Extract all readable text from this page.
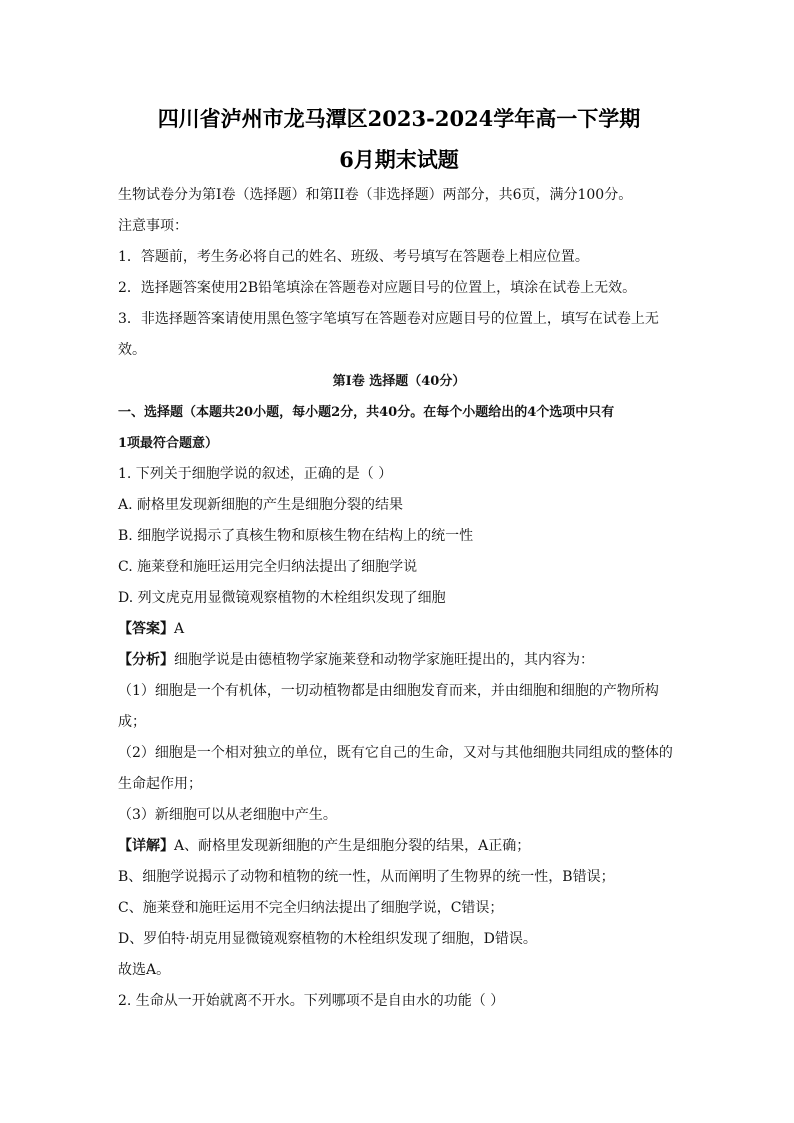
四川省泸州市龙马潭区2023-2024学年高一下学期
6月期末试题

生物试卷分为第I卷（选择题）和第II卷（非选择题）两部分，共6页，满分100分。

注意事项：

1．答题前，考生务必将自己的姓名、班级、考号填写在答题卷上相应位置。

2．选择题答案使用2B铅笔填涂在答题卷对应题目号的位置上，填涂在试卷上无效。

3．非选择题答案请使用黑色签字笔填写在答题卷对应题目号的位置上，填写在试卷上无

效。

第I卷 选择题（40分）

一、选择题（本题共20小题，每小题2分，共40分。在每个小题给出的4个选项中只有

1项最符合题意）

1. 下列关于细胞学说的叙述，正确的是（ ）

A. 耐格里发现新细胞的产生是细胞分裂的结果

B. 细胞学说揭示了真核生物和原核生物在结构上的统一性

C. 施莱登和施旺运用完全归纳法提出了细胞学说

D. 列文虎克用显微镜观察植物的木栓组织发现了细胞

【答案】A

【分析】细胞学说是由德植物学家施莱登和动物学家施旺提出的，其内容为：

（1）细胞是一个有机体，一切动植物都是由细胞发育而来，并由细胞和细胞的产物所构

成；

（2）细胞是一个相对独立的单位，既有它自己的生命，又对与其他细胞共同组成的整体的

生命起作用；

（3）新细胞可以从老细胞中产生。

【详解】A、耐格里发现新细胞的产生是细胞分裂的结果，A正确；

B、细胞学说揭示了动物和植物的统一性，从而阐明了生物界的统一性，B错误；

C、施莱登和施旺运用不完全归纳法提出了细胞学说，C错误；

D、罗伯特·胡克用显微镜观察植物的木栓组织发现了细胞，D错误。

故选A。

2. 生命从一开始就离不开水。下列哪项不是自由水的功能（ ）
